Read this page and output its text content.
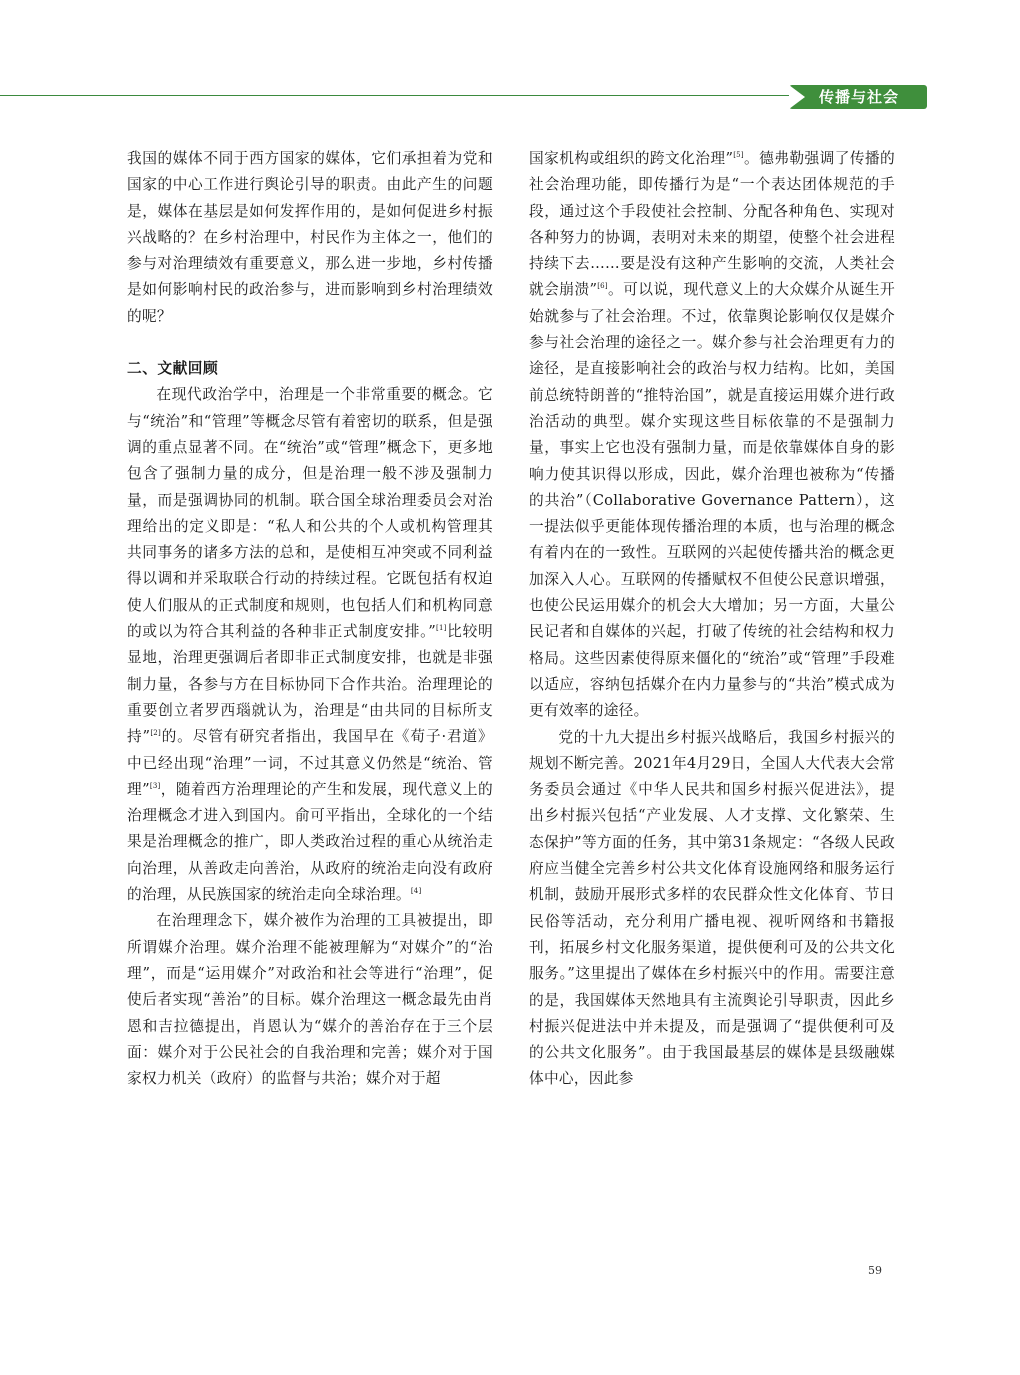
传播与社会

我国的媒体不同于西方国家的媒体，它们承担着为党和国家的中心工作进行舆论引导的职责。由此产生的问题是，媒体在基层是如何发挥作用的，是如何促进乡村振兴战略的？在乡村治理中，村民作为主体之一，他们的参与对治理绩效有重要意义，那么进一步地，乡村传播是如何影响村民的政治参与，进而影响到乡村治理绩效的呢？

二、文献回顾

在现代政治学中，治理是一个非常重要的概念。它与“统治”和“管理”等概念尽管有着密切的联系，但是强调的重点显著不同。在“统治”或“管理”概念下，更多地包含了强制力量的成分，但是治理一般不涉及强制力量，而是强调协同的机制。联合国全球治理委员会对治理给出的定义即是：“私人和公共的个人或机构管理其共同事务的诸多方法的总和，是使相互冲突或不同利益得以调和并采取联合行动的持续过程。它既包括有权迫使人们服从的正式制度和规则，也包括人们和机构同意的或以为符合其利益的各种非正式制度安排。”[1]比较明显地，治理更强调后者即非正式制度安排，也就是非强制力量，各参与方在目标协同下合作共治。治理理论的重要创立者罗西瑙就认为，治理是“由共同的目标所支持”[2]的。尽管有研究者指出，我国早在《荀子·君道》中已经出现“治理”一词，不过其意义仍然是“统治、管理”[3]，随着西方治理理论的产生和发展，现代意义上的治理概念才进入到国内。俞可平指出，全球化的一个结果是治理概念的推广，即人类政治过程的重心从统治走向治理，从善政走向善治，从政府的统治走向没有政府的治理，从民族国家的统治走向全球治理。[4]

在治理理念下，媒介被作为治理的工具被提出，即所谓媒介治理。媒介治理不能被理解为“对媒介”的“治理”，而是“运用媒介”对政治和社会等进行“治理”，促使后者实现“善治”的目标。媒介治理这一概念最先由肖恩和吉拉德提出，肖恩认为“媒介的善治存在于三个层面：媒介对于公民社会的自我治理和完善；媒介对于国家权力机关（政府）的监督与共治；媒介对于超

国家机构或组织的跨文化治理”[5]。德弗勒强调了传播的社会治理功能，即传播行为是“一个表达团体规范的手段，通过这个手段使社会控制、分配各种角色、实现对各种努力的协调，表明对未来的期望，使整个社会进程持续下去……要是没有这种产生影响的交流，人类社会就会崩溃”[6]。可以说，现代意义上的大众媒介从诞生开始就参与了社会治理。不过，依靠舆论影响仅仅是媒介参与社会治理的途径之一。媒介参与社会治理更有力的途径，是直接影响社会的政治与权力结构。比如，美国前总统特朗普的“推特治国”，就是直接运用媒介进行政治活动的典型。媒介实现这些目标依靠的不是强制力量，事实上它也没有强制力量，而是依靠媒体自身的影响力使其识得以形成，因此，媒介治理也被称为“传播的共治”（Collaborative Governance Pattern），这一提法似乎更能体现传播治理的本质，也与治理的概念有着内在的一致性。互联网的兴起使传播共治的概念更加深入人心。互联网的传播赋权不但使公民意识增强，也使公民运用媒介的机会大大增加；另一方面，大量公民记者和自媒体的兴起，打破了传统的社会结构和权力格局。这些因素使得原来僵化的“统治”或“管理”手段难以适应，容纳包括媒介在内力量参与的“共治”模式成为更有效率的途径。

党的十九大提出乡村振兴战略后，我国乡村振兴的规划不断完善。2021年4月29日，全国人大代表大会常务委员会通过《中华人民共和国乡村振兴促进法》，提出乡村振兴包括“产业发展、人才支撑、文化繁荣、生态保护”等方面的任务，其中第31条规定：“各级人民政府应当健全完善乡村公共文化体育设施网络和服务运行机制，鼓励开展形式多样的农民群众性文化体育、节日民俗等活动，充分利用广播电视、视听网络和书籍报刊，拓展乡村文化服务渠道，提供便利可及的公共文化服务。”这里提出了媒体在乡村振兴中的作用。需要注意的是，我国媒体天然地具有主流舆论引导职责，因此乡村振兴促进法中并未提及，而是强调了“提供便利可及的公共文化服务”。由于我国最基层的媒体是县级融媒体中心，因此参

59
